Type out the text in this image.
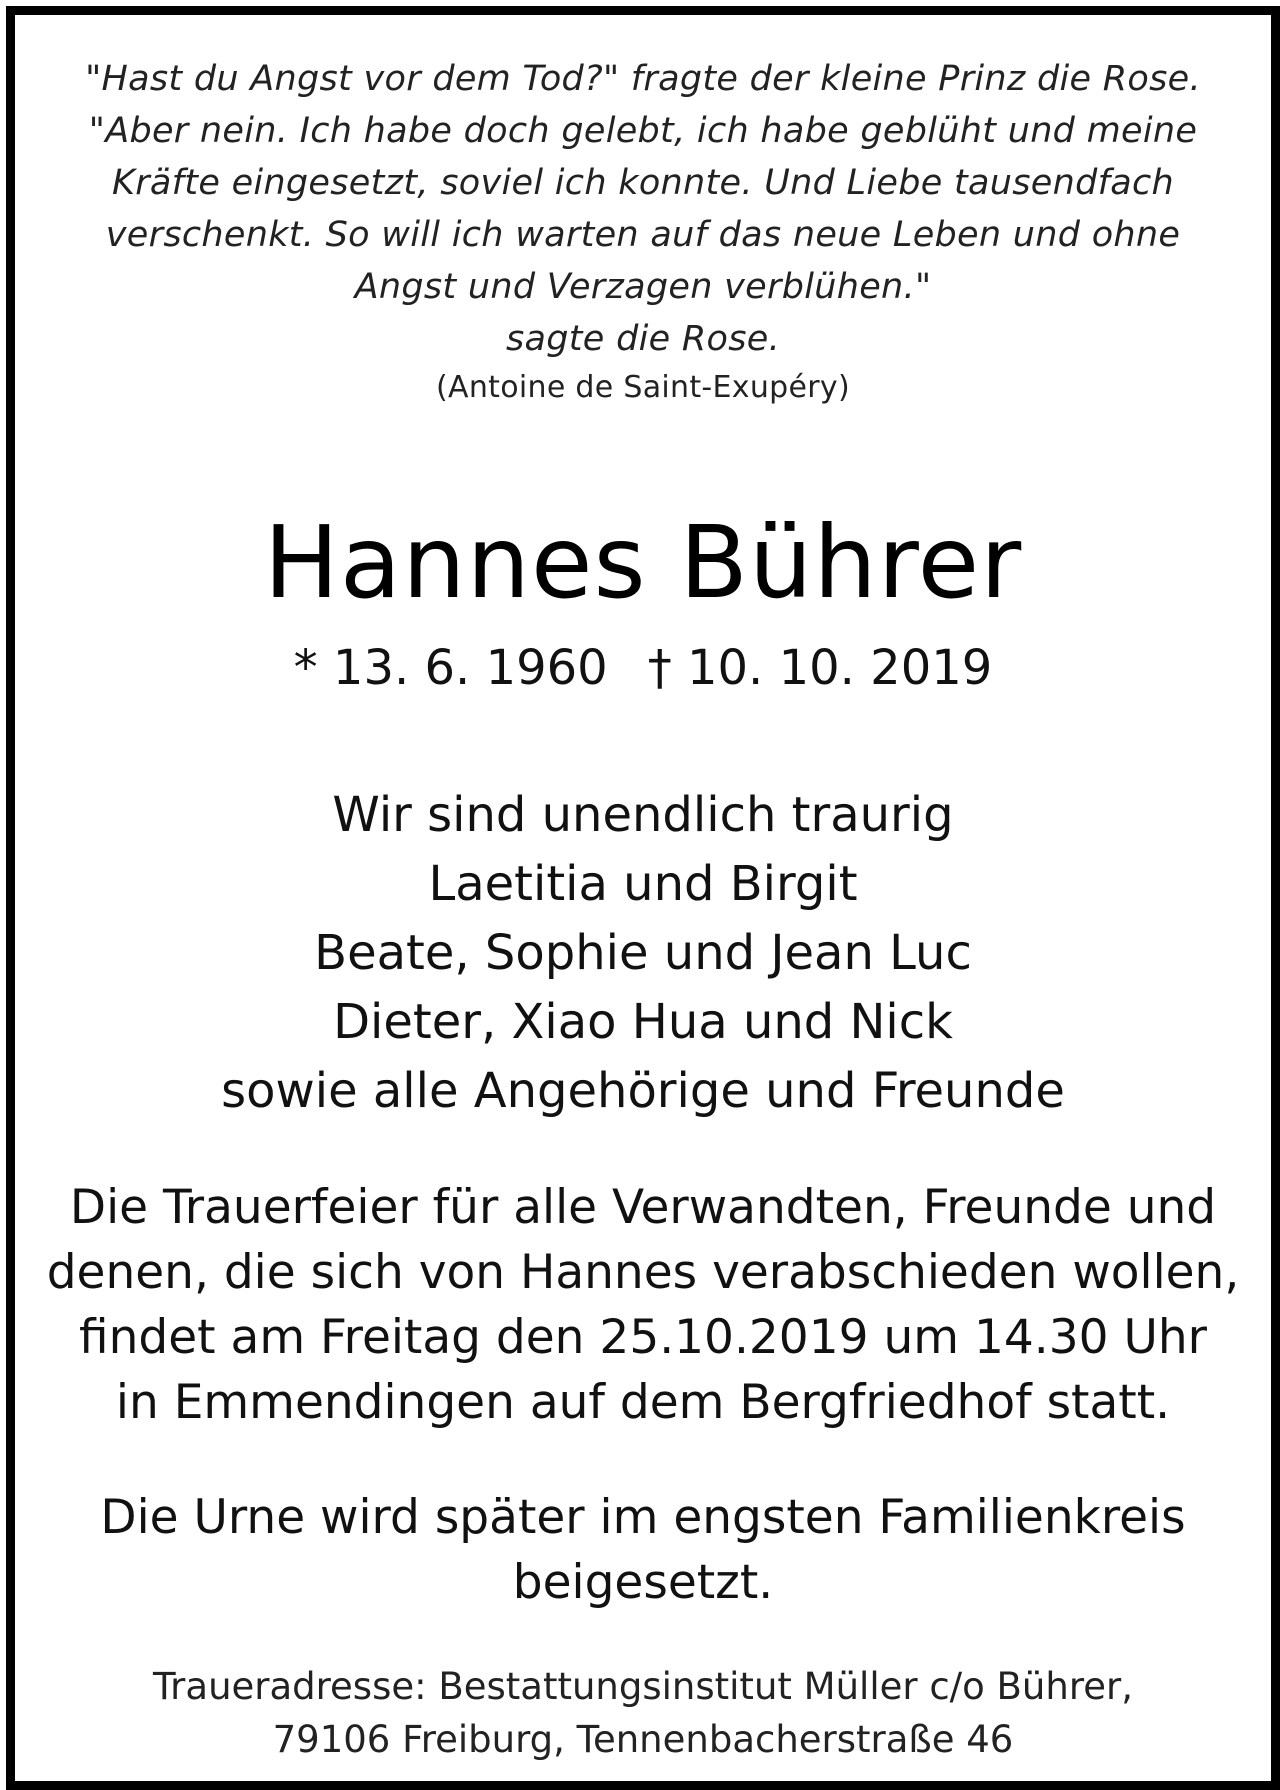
"Hast du Angst vor dem Tod?" fragte der kleine Prinz die Rose.
"Aber nein. Ich habe doch gelebt, ich habe geblüht und meine
Kräfte eingesetzt, soviel ich konnte. Und Liebe tausendfach
verschenkt. So will ich warten auf das neue Leben und ohne
Angst und Verzagen verblühen."
sagte die Rose.
(Antoine de Saint-Exupéry)
Hannes Bührer
* 13. 6. 1960 † 10. 10. 2019
Wir sind unendlich traurig
Laetitia und Birgit
Beate, Sophie und Jean Luc
Dieter, Xiao Hua und Nick
sowie alle Angehörige und Freunde
Die Trauerfeier für alle Verwandten, Freunde und
denen, die sich von Hannes verabschieden wollen,
findet am Freitag den 25.10.2019 um 14.30 Uhr
in Emmendingen auf dem Bergfriedhof statt.
Die Urne wird später im engsten Familienkreis
beigesetzt.
Traueradresse: Bestattungsinstitut Müller c/o Bührer,
79106 Freiburg, Tennenbacherstraße 46
